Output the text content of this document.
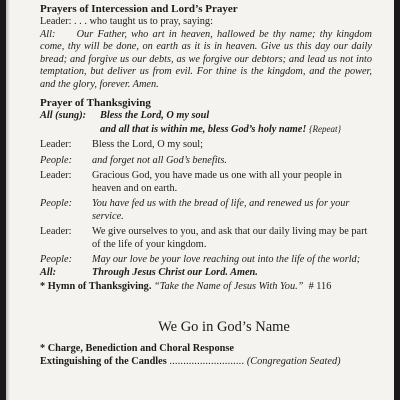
Prayers of Intercession and Lord’s Prayer
Leader: . . . who taught us to pray, saying:
All: Our Father, who art in heaven, hallowed be thy name; thy kingdom come, thy will be done, on earth as it is in heaven. Give us this day our daily bread; and forgive us our debts, as we forgive our debtors; and lead us not into temptation, but deliver us from evil. For thine is the kingdom, and the power, and the glory, forever. Amen.
Prayer of Thanksgiving
All (sung):	Bless the Lord, O my soul
and all that is within me, bless God’s holy name! {Repeat}
Leader:	Bless the Lord, O my soul;
People:	and forget not all God’s benefits.
Leader:	Gracious God, you have made us one with all your people in heaven and on earth.
People:	You have fed us with the bread of life, and renewed us for your service.
Leader:	We give ourselves to you, and ask that our daily living may be part of the life of your kingdom.
People:	May our love be your love reaching out into the life of the world;
All:	Through Jesus Christ our Lord. Amen.
* Hymn of Thanksgiving. “Take the Name of Jesus With You.” # 116
We Go in God’s Name
* Charge, Benediction and Choral Response
Extinguishing of the Candles ........................... (Congregation Seated)
